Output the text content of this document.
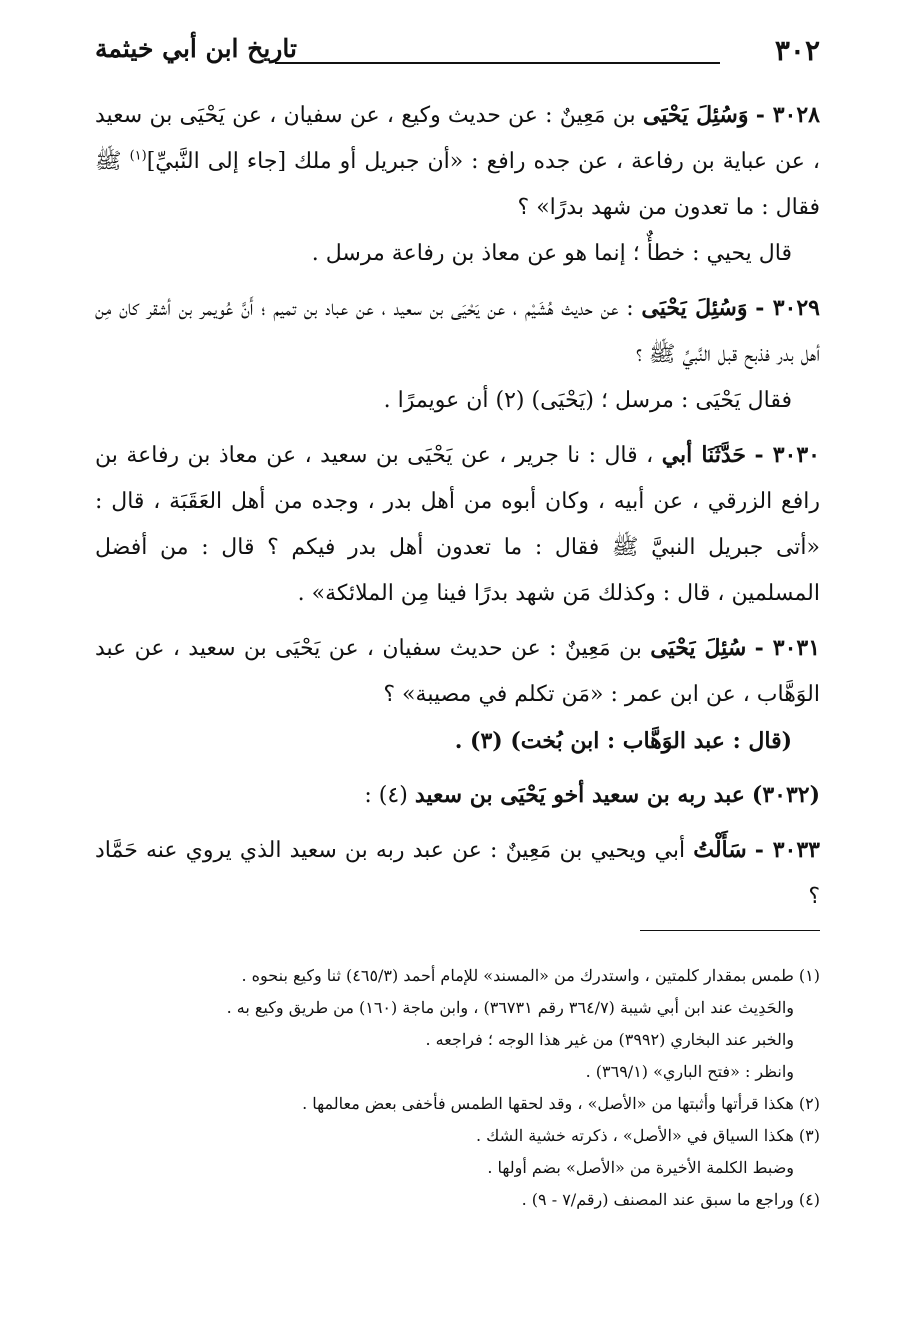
٣٠٢
تاريخ ابن أبي خيثمة

٣٠٢٨ - وَسُئِلَ يَحْيَى بن مَعِينٌ : عن حديث وكيع ، عن سفيان ، عن يَحْيَى بن سعيد ، عن عباية بن رفاعة ، عن جده رافع : «أن جبريل أو ملك [جاء إلى النَّبيِّ]$^{(١)}$ ﷺ فقال : ما تعدون من شهد بدرًا» ؟
قال يحيي : خطأٌ ؛ إنما هو عن معاذ بن رفاعة مرسل .

٣٠٢٩ - وَسُئِلَ يَحْيَى : عن حديث هُشَيْم ، عن يَحْيَى بن سعيد ، عن عباد بن تميم ؛ أَنَّ عُويمر بن أشقر كان مِن أهل بدر فذبح قبل النَّبيِّ ﷺ ؟
فقال يَحْيَى : مرسل ؛ (يَحْيَى) (٢) أن عويمرًا .

٣٠٣٠ - حَدَّثَنَا أبي ، قال : نا جرير ، عن يَحْيَى بن سعيد ، عن معاذ بن رفاعة بن رافع الزرقي ، عن أبيه ، وكان أبوه من أهل بدر ، وجده من أهل العَقَبَة ، قال : «أتى جبريل النبيَّ ﷺ فقال : ما تعدون أهل بدر فيكم ؟ قال : من أفضل المسلمين ، قال : وكذلك مَن شهد بدرًا فينا مِن الملائكة» .

٣٠٣١ - سُئِلَ يَحْيَى بن مَعِينٌ : عن حديث سفيان ، عن يَحْيَى بن سعيد ، عن عبد الوَهَّاب ، عن ابن عمر : «مَن تكلم في مصيبة» ؟
(قال : عبد الوَهَّاب : ابن بُخت) (٣) .

(٣٠٣٢) عبد ربه بن سعيد أخو يَحْيَى بن سعيد (٤) :

٣٠٣٣ - سَأَلْتُ أبي ويحيي بن مَعِينٌ : عن عبد ربه بن سعيد الذي يروي عنه حَمَّاد ؟

(١) طمس بمقدار كلمتين ، واستدرك من «المسند» للإمام أحمد (٤٦٥/٣) ثنا وكيع بنحوه .
والحَدِيث عند ابن أبي شيبة (٣٦٤/٧ رقم ٣٦٧٣١) ، وابن ماجة (١٦٠) من طريق وكيع به .
والخبر عند البخاري (٣٩٩٢) من غير هذا الوجه ؛ فراجعه .
وانظر : «فتح الباري» (٣٦٩/١) .
(٢) هكذا قرأتها وأثبتها من «الأصل» ، وقد لحقها الطمس فأخفى بعض معالمها .
(٣) هكذا السياق في «الأصل» ، ذكرته خشية الشك .
وضبط الكلمة الأخيرة من «الأصل» بضم أولها .
(٤) وراجع ما سبق عند المصنف (رقم/٧ - ٩) .
